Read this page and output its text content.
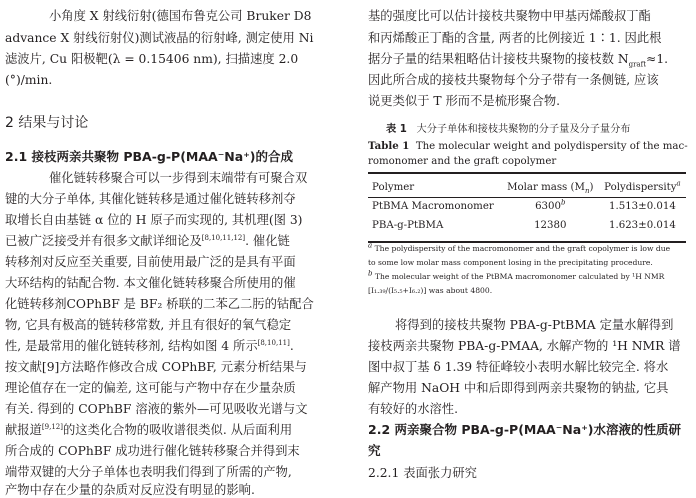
小角度 X 射线衍射(德国布鲁克公司 Bruker D8
advance X 射线衍射仪)测试液晶的衍射峰, 测定使用 Ni
滤波片, Cu 阳极靶(λ = 0.15406 nm), 扫描速度 2.0
(°)/min.
2 结果与讨论
2.1 接枝两亲共聚物 PBA-g-P(MAA⁻Na⁺)的合成
催化链转移聚合可以一步得到末端带有可聚合双
键的大分子单体, 其催化链转移是通过催化链转移剂夺
取增长自由基链 α 位的 H 原子而实现的, 其机理(图 3)
已被广泛接受并有很多文献详细论及[8,10,11,12]. 催化链
转移剂对反应至关重要, 目前使用最广泛的是具有平面
大环结构的钴配合物. 本文催化链转移聚合所使用的催
化链转移剂COPhBF 是 BF₂ 桥联的二苯乙二肟的钴配合
物, 它具有极高的链转移常数, 并且有很好的氧气稳定
性, 是最常用的催化链转移剂, 结构如图 4 所示[8,10,11].
按文献[9]方法略作修改合成 COPhBF, 元素分析结果与
理论值存在一定的偏差, 这可能与产物中存在少量杂质
有关. 得到的 COPhBF 溶液的紫外—可见吸收光谱与文
献报道[9,12]的这类化合物的吸收谱很类似. 从后面利用
所合成的 COPhBF 成功进行催化链转移聚合并得到末
端带双键的大分子单体也表明我们得到了所需的产物,
产物中存在少量的杂质对反应没有明显的影响.
基的强度比可以估计接枝共聚物中甲基丙烯酸叔丁酯
和丙烯酸正丁酯的含量, 两者的比例接近 1∶1. 因此根
据分子量的结果粗略估计接枝共聚物的接枝数 $N_{graft}\approx 1$.
因此所合成的接枝共聚物每个分子带有一条侧链, 应该
说更类似于 T 形而不是梳形聚合物.
表 1 大分子单体和接枝共聚物的分子量及分子量分布
Table 1 The molecular weight and polydispersity of the mac-
romonomer and the graft copolymer
Polymer	Molar mass $(M_n)$	Polydispersity$^a$
PtBMA Macromonomer	6300$^b$	1.513±0.014
PBA-g-PtBMA	12380	1.623±0.014
$^a$ The polydispersity of the macromonomer and the graft copolymer is low due
to some low molar mass component losing in the precipitating procedure.
$^b$ The molecular weight of the PtBMA macromonomer calculated by ¹H NMR
[I₁.₃₉/(I₅.₅+I₆.₂)] was about 4800.
将得到的接枝共聚物 PBA-g-PtBMA 定量水解得到
接枝两亲共聚物 PBA-g-PMAA, 水解产物的 ¹H NMR 谱
图中叔丁基 δ 1.39 特征峰较小表明水解比较完全. 将水
解产物用 NaOH 中和后即得到两亲共聚物的钠盐, 它具
有较好的水溶性.
2.2 两亲聚合物 PBA-g-P(MAA⁻Na⁺)水溶液的性质研
究
2.2.1 表面张力研究
